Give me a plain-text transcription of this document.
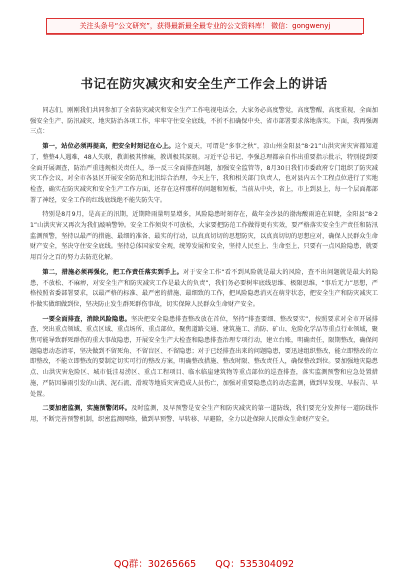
关注头条号“公文研究”，获得最新最全最专业的公文资料库！ 微信：gongwenyj
书记在防灾减灾和安全生产工作会上的讲话

同志们，刚刚我们共同参加了全省防灾减灾和安全生产工作电视电话会，大家务必高度警觉，高度警醒，高度重视，全面加强安全生产、防汛减灾、地灾防治各项工作，牢牢守住安全底线，不折不扣确保中央、省市部署要求落地落实。下面，我再强调三点：

第一，站位必须再提高，把安全时刻记在心上。这个夏天，可谓是“多事之秋”，凉山州金阳县“8·21”山洪灾害灾害都知道了，整整4人遇难，48人失联，教训极其惨痛，教训极其深刻。习近平总书记、李强总理都亲自作出重要指示批示，特别提到要全面开展调查，防治严重违规相关责任人，举一反三全面排查问题，加强安全监管等，8月30日我们市委政府专门组织了防灾减灾工作会议，对全市各县区开展安全防范和北汛综合治理，今天上午，我和相关部门负责人，也对县内五个工程点位进行了实地检查，确实在防灾减灾和安全生产工作方面，还存在这样那样的问题和短板，当前从中央，省上，市上到县上，每一个层面都部署了神经，安全工作的红线底线绝不能失防失守。

特别是8月9月，是高正的汛期，近期降雨量明显增多，风险隐患时刻存在，截年金沙县的渤海酸雨迫在眉睫，金阳县“8·21”山洪灾害又再次为我们敲响警钟。安全工作须臾不可放松，大家要把防范工作做得更有实效，要严格落实安全生产责任和防汛监测预警，坚持以最严的措施、最细的准备、最实的行动，以真真切切的思想防灾，以真真切切的思想应对，确保人民群众生命财产安全，坚决守住安全底线。坚持总体国家安全观，统筹发展和安全，坚持人民至上、生命至上，只要有一点风险隐患，就要用百分之百的努力去防范化解。

第二，措施必须再强化，把工作责任落实到手上。对于安全工作“看不到风险就是最大的风险，查不出问题就是最大的隐患，不放松、不麻痹，对安全生产和防灾减灾工作是最大的负责”，我们务必要树牢底线思维、极限思维，“事后无力”思想，严格按照省委部署要求，以最严格的标准、最严密的措施、最细致的工作，把风险隐患消灭在萌芽状态，把安全生产和防灾减灾工作做实做细做到位，坚决防止发生群死群伤事故，切实保障人民群众生命财产安全。

一要全面排查，消除风险隐患。坚决把安全隐患排查整改放在首位，坚持“排查要细、整改要实”，按照要求对全市开展排查，突出重点领域、重点区域、重点场所、重点部位，聚焦道路交通、建筑施工、消防、矿山、危险化学品等重点行业领域，聚焦可能导致群死群伤的重大事故隐患，开展安全生产大检查和隐患排查治理专项行动，建立台账，明确责任，限期整改，确保问题隐患动态清零，坚决做到不留死角、不留盲区、不留隐患；对于已经排查出来的问题隐患，要迅速组织整改，能立即整改的立即整改，不能立即整改的要制定切实可行的整改方案，明确整改措施、整改时限、整改责任人，确保整改到位。要加强地灾隐患点、山洪灾害危险区、城市低洼易涝区、重点工程项目、临水临崖建筑物等重点部位的巡查排查，落实监测预警和应急处置措施，严防因暴雨引发的山洪、泥石流、滑坡等地质灾害造成人员伤亡，加强对重要隐患点的动态监测，做到早发现、早报告、早处置。

二要加密监测，实施预警闭环。及时监测，及早预警是安全生产和防灾减灾的第一道防线，我们要充分发挥每一道防线作用，不断完善预警机制，织密监测网络，做到早预警、早转移、早避险，全力以赴保障人民群众生命财产安全。

QQ群：30265665 QQ：535304092
